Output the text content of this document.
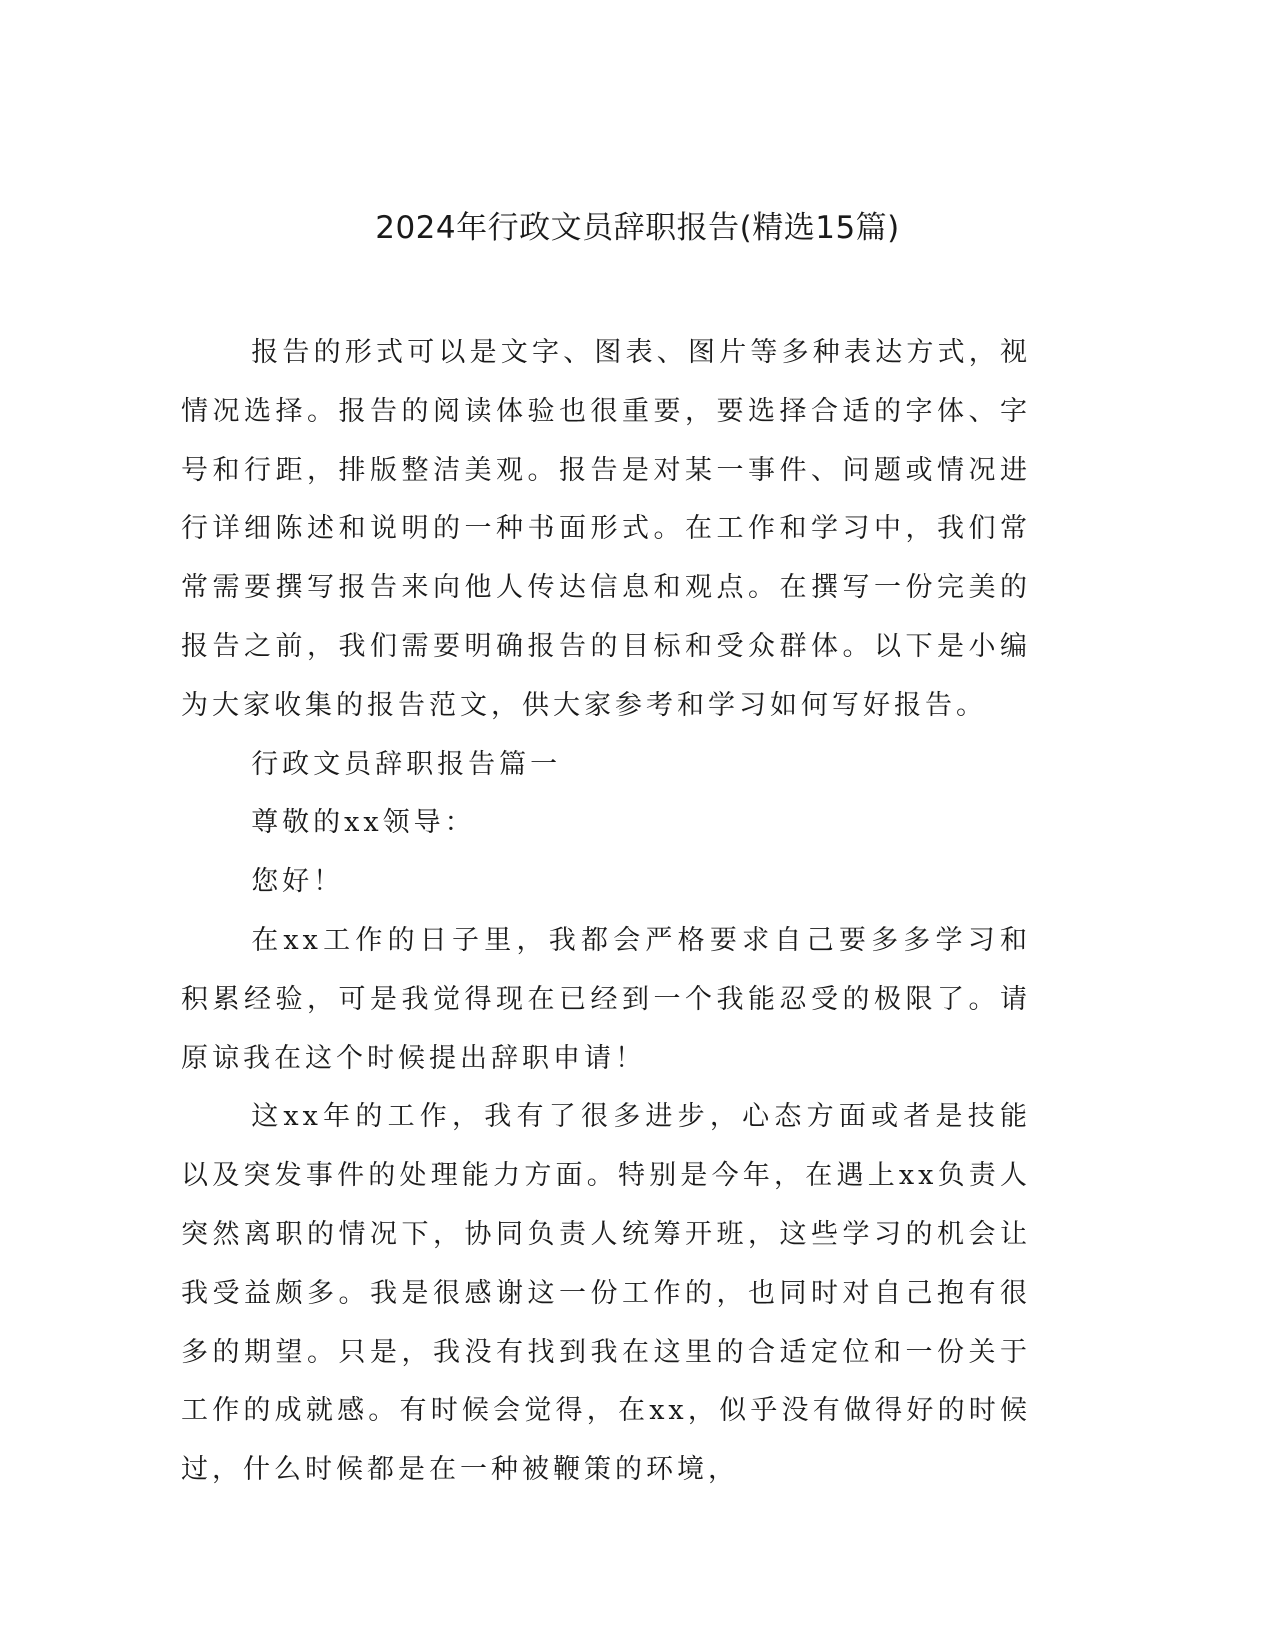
2024年行政文员辞职报告(精选15篇)

报告的形式可以是文字、图表、图片等多种表达方式，视情况选择。报告的阅读体验也很重要，要选择合适的字体、字号和行距，排版整洁美观。报告是对某一事件、问题或情况进行详细陈述和说明的一种书面形式。在工作和学习中，我们常常需要撰写报告来向他人传达信息和观点。在撰写一份完美的报告之前，我们需要明确报告的目标和受众群体。以下是小编为大家收集的报告范文，供大家参考和学习如何写好报告。

行政文员辞职报告篇一

尊敬的xx领导：

您好！

在xx工作的日子里，我都会严格要求自己要多多学习和积累经验，可是我觉得现在已经到一个我能忍受的极限了。请原谅我在这个时候提出辞职申请！

这xx年的工作，我有了很多进步，心态方面或者是技能以及突发事件的处理能力方面。特别是今年，在遇上xx负责人突然离职的情况下，协同负责人统筹开班，这些学习的机会让我受益颇多。我是很感谢这一份工作的，也同时对自己抱有很多的期望。只是，我没有找到我在这里的合适定位和一份关于工作的成就感。有时候会觉得，在xx，似乎没有做得好的时候过，什么时候都是在一种被鞭策的环境，
